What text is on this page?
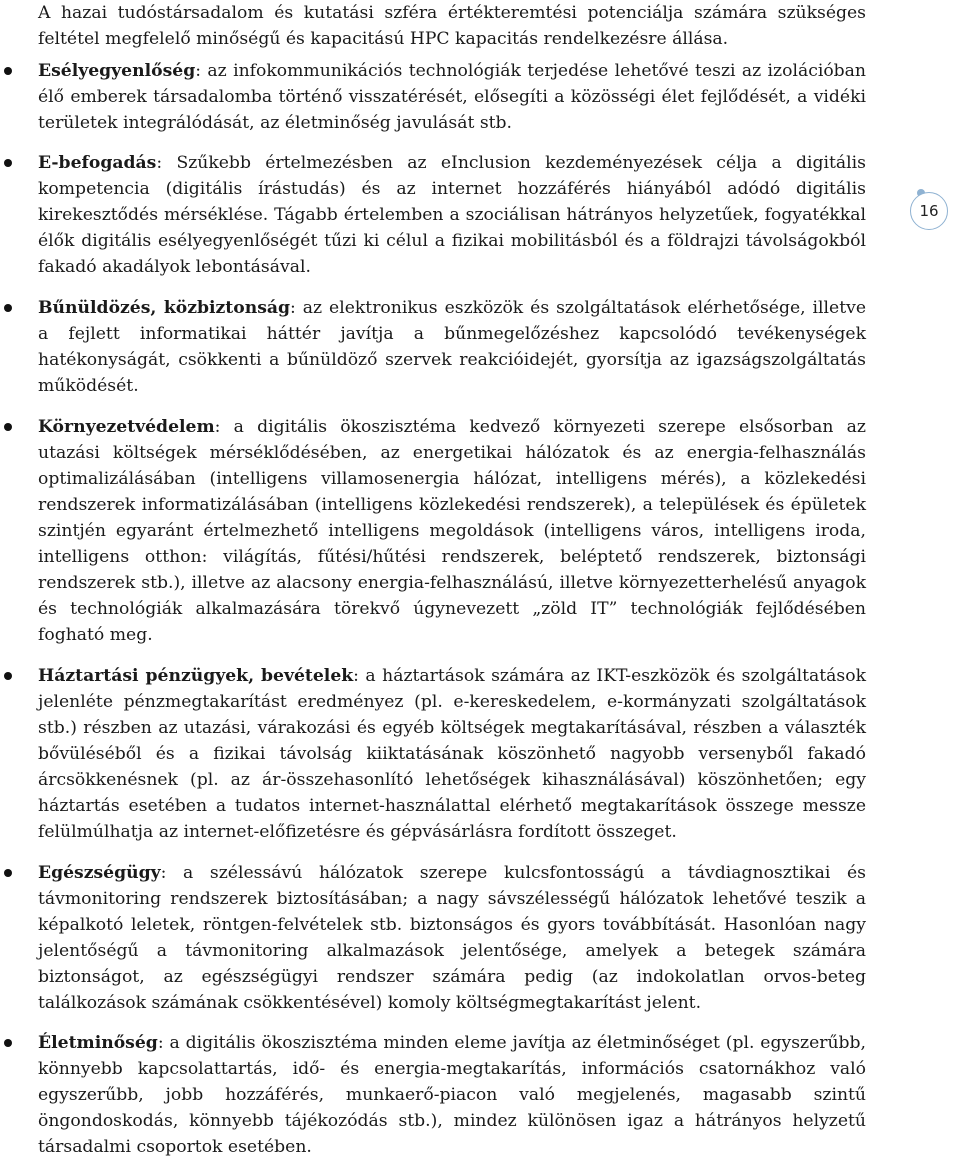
A hazai tudóstársadalom és kutatási szféra értékteremtési potenciálja számára szükséges feltétel megfelelő minőségű és kapacitású HPC kapacitás rendelkezésre állása.

Esélyegyenlőség: az infokommunikációs technológiák terjedése lehetővé teszi az izolációban élő emberek társadalomba történő visszatérését, elősegíti a közösségi élet fejlődését, a vidéki területek integrálódását, az életminőség javulását stb.
E-befogadás: Szűkebb értelmezésben az eInclusion kezdeményezések célja a digitális kompetencia (digitális írástudás) és az internet hozzáférés hiányából adódó digitális kirekesztődés mérséklése. Tágabb értelemben a szociálisan hátrányos helyzetűek, fogyatékkal élők digitális esélyegyenlőségét tűzi ki célul a fizikai mobilitásból és a földrajzi távolságokból fakadó akadályok lebontásával.
Bűnüldözés, közbiztonság: az elektronikus eszközök és szolgáltatások elérhetősége, illetve a fejlett informatikai háttér javítja a bűnmegelőzéshez kapcsolódó tevékenységek hatékonyságát, csökkenti a bűnüldöző szervek reakcióidejét, gyorsítja az igazságszolgáltatás működését.
Környezetvédelem: a digitális ökoszisztéma kedvező környezeti szerepe elsősorban az utazási költségek mérséklődésében, az energetikai hálózatok és az energia-felhasználás optimalizálásában (intelligens villamosenergia hálózat, intelligens mérés), a közlekedési rendszerek informatizálásában (intelligens közlekedési rendszerek), a települések és épületek szintjén egyaránt értelmezhető intelligens megoldások (intelligens város, intelligens iroda, intelligens otthon: világítás, fűtési/hűtési rendszerek, beléptető rendszerek, biztonsági rendszerek stb.), illetve az alacsony energia-felhasználású, illetve környezetterhelésű anyagok és technológiák alkalmazására törekvő úgynevezett „zöld IT” technológiák fejlődésében fogható meg.
Háztartási pénzügyek, bevételek: a háztartások számára az IKT-eszközök és szolgáltatások jelenléte pénzmegtakarítást eredményez (pl. e-kereskedelem, e-kormányzati szolgáltatások stb.) részben az utazási, várakozási és egyéb költségek megtakarításával, részben a választék bővüléséből és a fizikai távolság kiiktatásának köszönhető nagyobb versenyből fakadó árcsökkenésnek (pl. az ár-összehasonlító lehetőségek kihasználásával) köszönhetően; egy háztartás esetében a tudatos internet-használattal elérhető megtakarítások összege messze felülmúlhatja az internet-előfizetésre és gépvásárlásra fordított összeget.
Egészségügy: a szélessávú hálózatok szerepe kulcsfontosságú a távdiagnosztikai és távmonitoring rendszerek biztosításában; a nagy sávszélességű hálózatok lehetővé teszik a képalkotó leletek, röntgen-felvételek stb. biztonságos és gyors továbbítását. Hasonlóan nagy jelentőségű a távmonitoring alkalmazások jelentősége, amelyek a betegek számára biztonságot, az egészségügyi rendszer számára pedig (az indokolatlan orvos-beteg találkozások számának csökkentésével) komoly költségmegtakarítást jelent.
Életminőség: a digitális ökoszisztéma minden eleme javítja az életminőséget (pl. egyszerűbb, könnyebb kapcsolattartás, idő- és energia-megtakarítás, információs csatornákhoz való egyszerűbb, jobb hozzáférés, munkaerő-piacon való megjelenés, magasabb szintű öngondoskodás, könnyebb tájékozódás stb.), mindez különösen igaz a hátrányos helyzetű társadalmi csoportok esetében.
16
